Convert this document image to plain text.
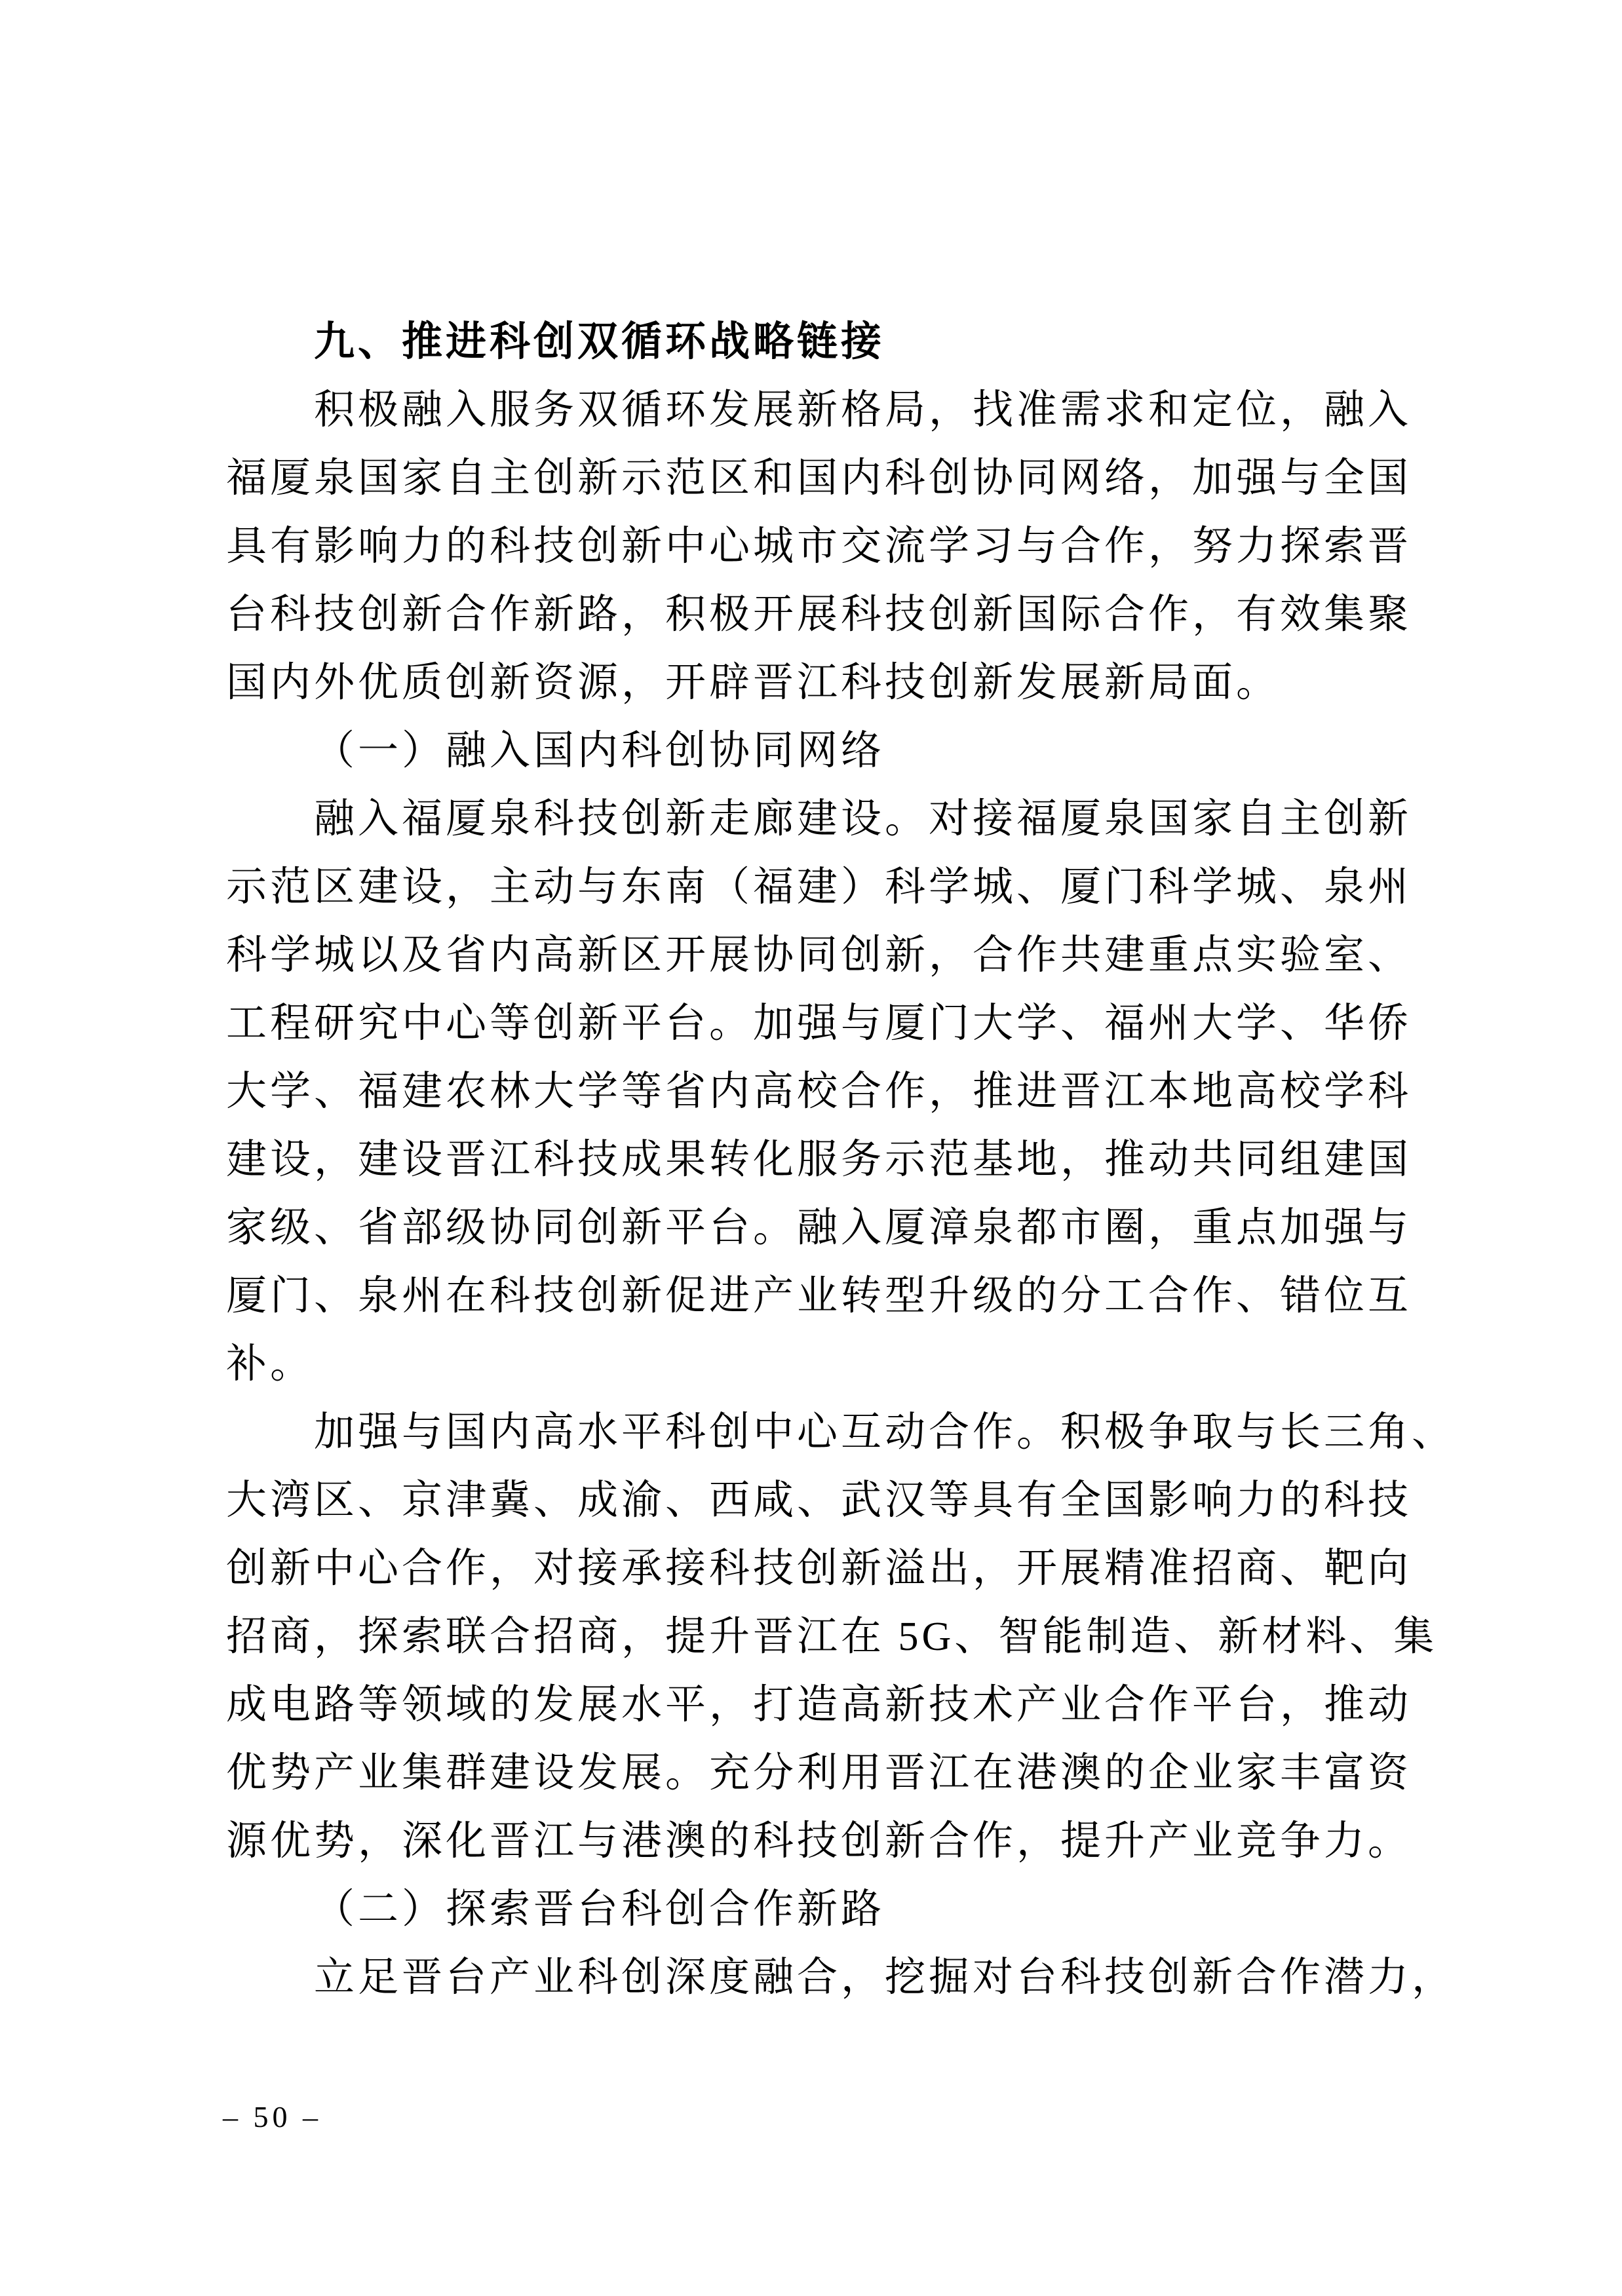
九、推进科创双循环战略链接
积极融入服务双循环发展新格局，找准需求和定位，融入
福厦泉国家自主创新示范区和国内科创协同网络，加强与全国
具有影响力的科技创新中心城市交流学习与合作，努力探索晋
台科技创新合作新路，积极开展科技创新国际合作，有效集聚
国内外优质创新资源，开辟晋江科技创新发展新局面。
（一）融入国内科创协同网络
融入福厦泉科技创新走廊建设。对接福厦泉国家自主创新
示范区建设，主动与东南（福建）科学城、厦门科学城、泉州
科学城以及省内高新区开展协同创新，合作共建重点实验室、
工程研究中心等创新平台。加强与厦门大学、福州大学、华侨
大学、福建农林大学等省内高校合作，推进晋江本地高校学科
建设，建设晋江科技成果转化服务示范基地，推动共同组建国
家级、省部级协同创新平台。融入厦漳泉都市圈，重点加强与
厦门、泉州在科技创新促进产业转型升级的分工合作、错位互
补。
加强与国内高水平科创中心互动合作。积极争取与长三角、
大湾区、京津冀、成渝、西咸、武汉等具有全国影响力的科技
创新中心合作，对接承接科技创新溢出，开展精准招商、靶向
招商，探索联合招商，提升晋江在 5G、智能制造、新材料、集
成电路等领域的发展水平，打造高新技术产业合作平台，推动
优势产业集群建设发展。充分利用晋江在港澳的企业家丰富资
源优势，深化晋江与港澳的科技创新合作，提升产业竞争力。
（二）探索晋台科创合作新路
立足晋台产业科创深度融合，挖掘对台科技创新合作潜力，
– 50 –
